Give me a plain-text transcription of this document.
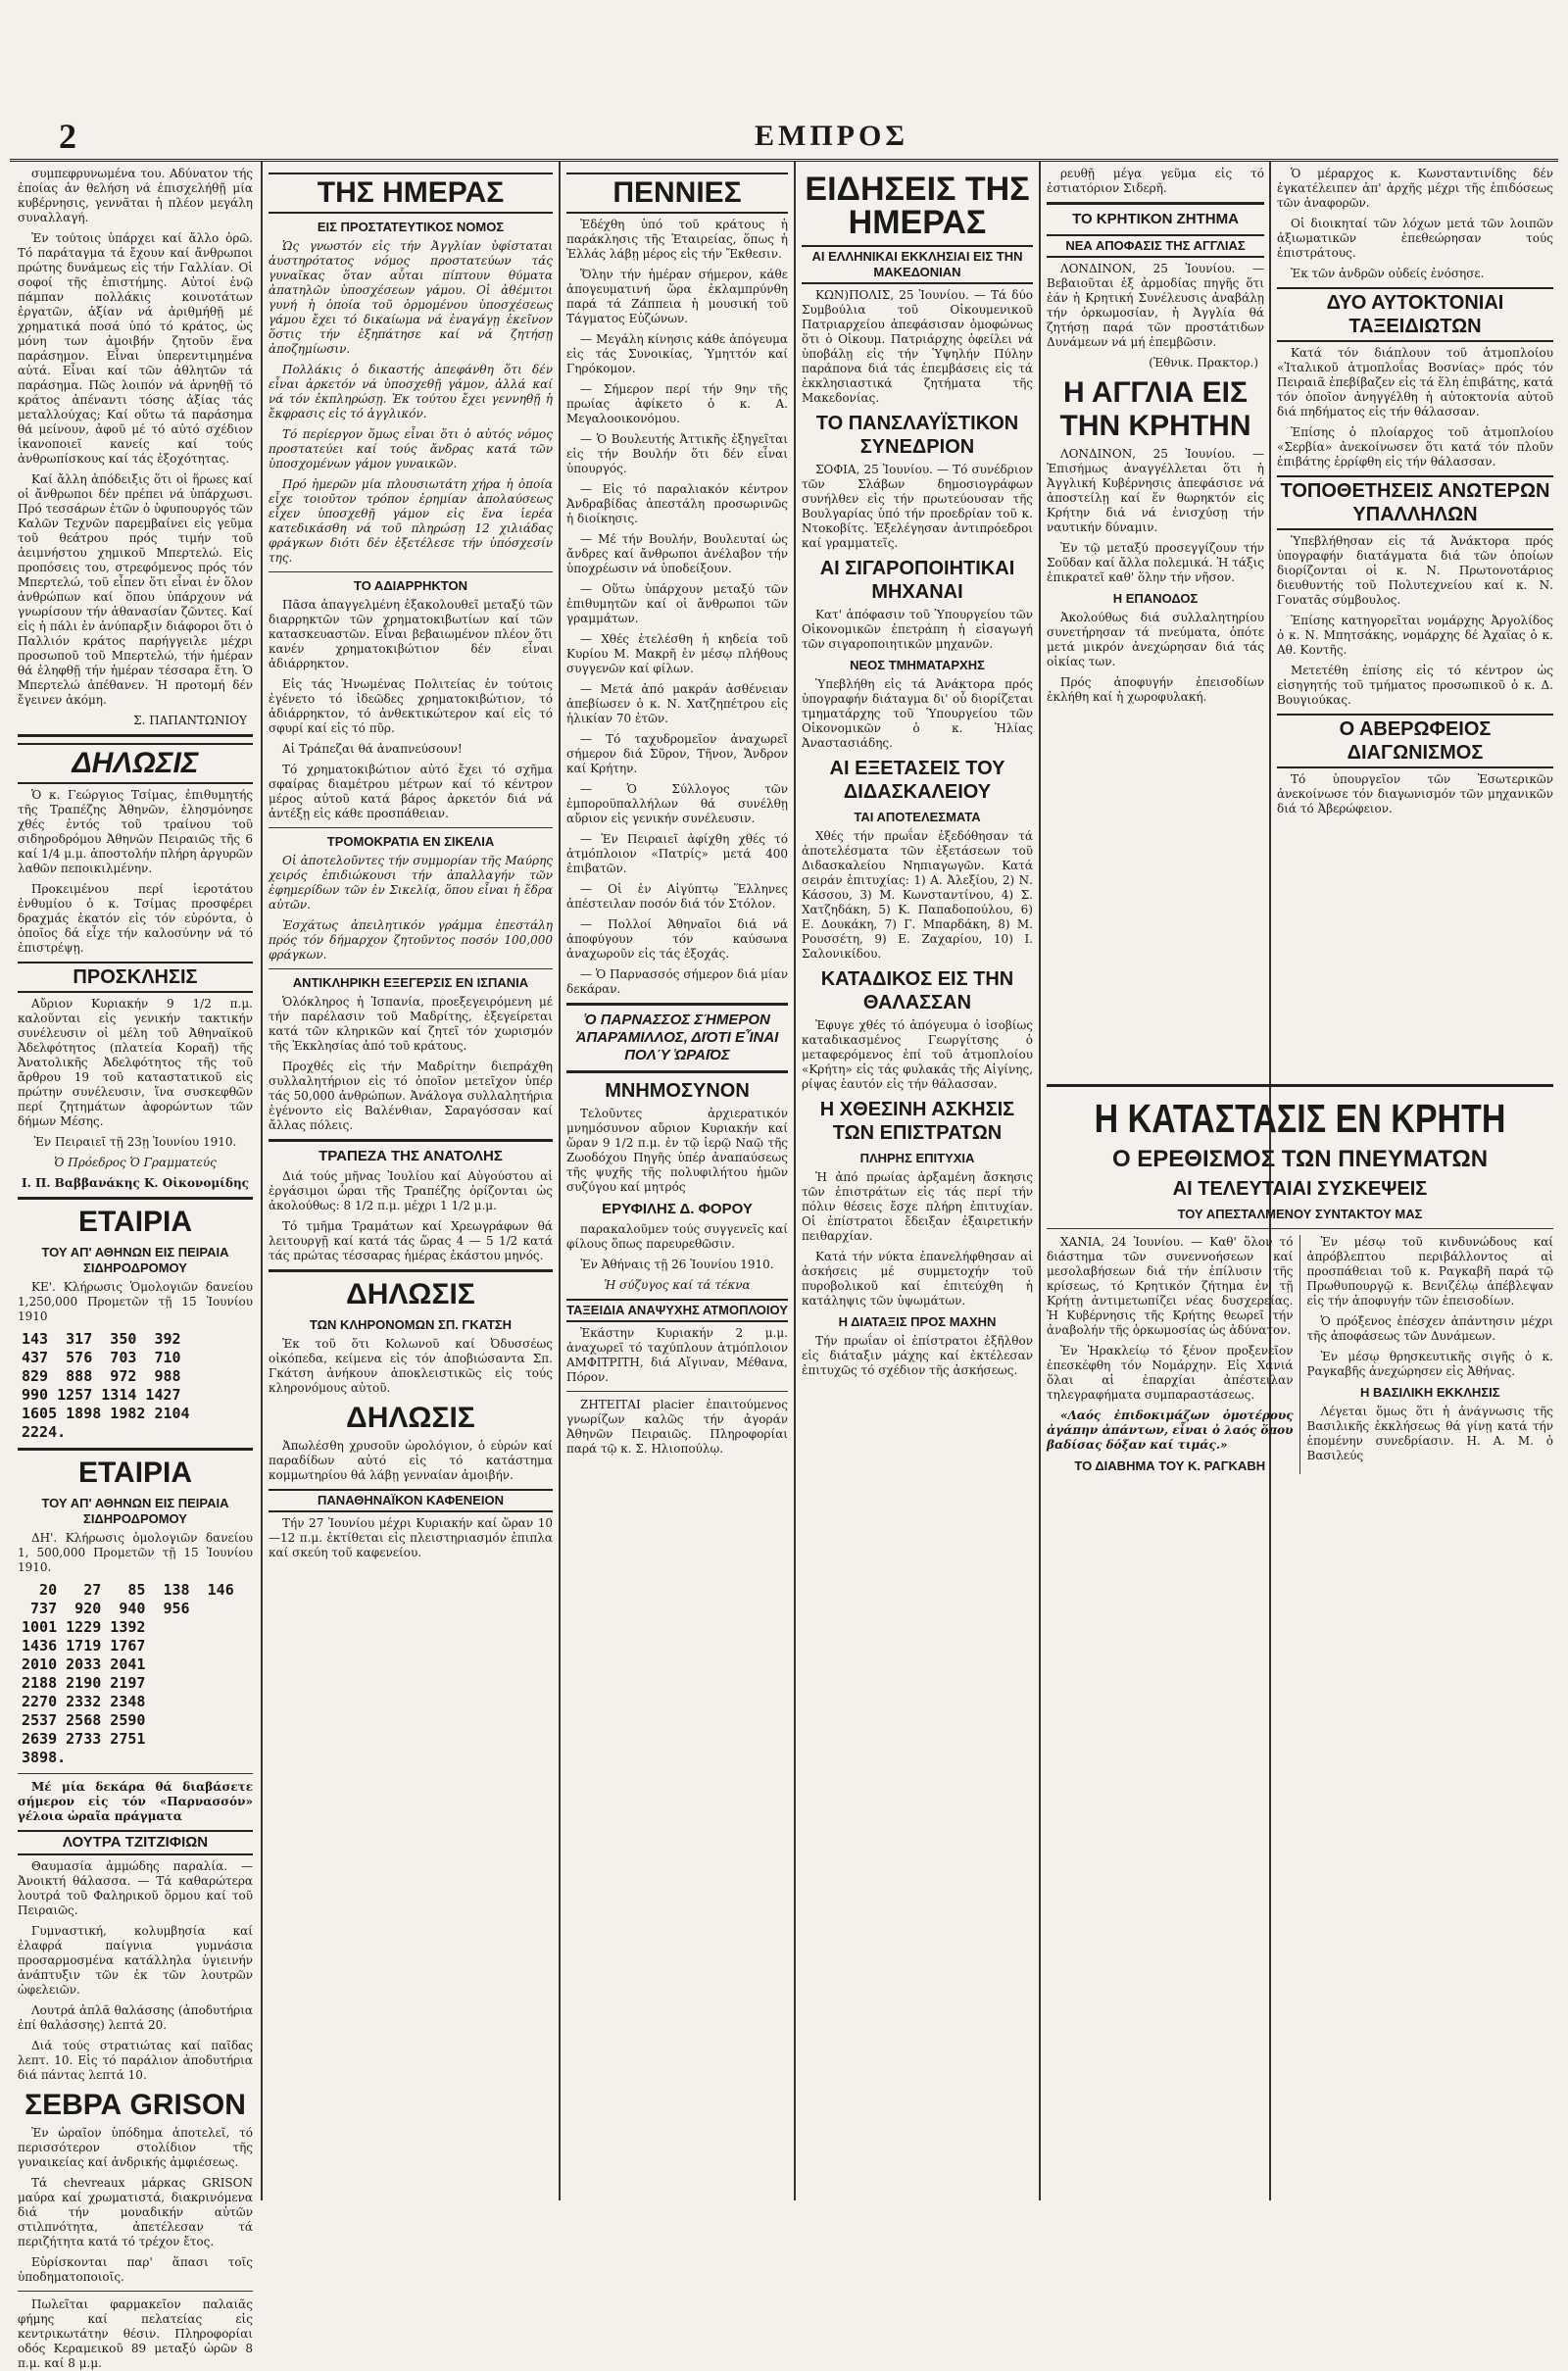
2	ΕΜΠΡΟΣ

συμπεφρυνωμένα του. Αδύνατον τής ἐποίας ἀν θελήση νά ἐπισχελήθῇ μία κυβέρνησις, γεννᾶται ἡ πλέον μεγάλη συναλλαγή.

Ἐν τούτοις ὑπάρχει καί ἄλλο ὁρῶ. Τό παράταγμα τά ἔχουν καί ἄνθρωποι πρώτης δυνάμεως εἰς τήν Γαλλίαν. Οἱ σοφοί τῆς ἐπιστήμης. Αὐτοί ἐνῷ πάμπαν πολλάκις κοινοτάτων ἐργατῶν, ἀξίαν νά ἀριθμήθῇ μέ χρηματικά ποσά ὑπό τό κράτος, ὡς μόνη των ἀμοιβήν ζητοῦν ἕνα παράσημον. Εἶναι ὑπερεντιμημένα αὐτά. Εἶναι καί τῶν ἀθλητῶν τά παράσημα. Πῶς λοιπόν νά ἀρνηθῇ τό κράτος ἀπέναντι τόσης ἀξίας τάς μεταλλούχας; Καί οὕτω τά παράσημα θά μείνουν, ἀφοῦ μέ τό αὐτό σχέδιον ἱκανοποιεῖ κανείς καί τούς ἀνθρωπίσκους καί τάς ἐξοχότητας.

Καί ἄλλη ἀπόδειξις ὅτι οἱ ἥρωες καί οἱ ἄνθρωποι δέν πρέπει νά ὑπάρχωσι. Πρό τεσσάρων ἐτῶν ὁ ὑφυπουργός τῶν Καλῶν Τεχνῶν παρεμβαίνει εἰς γεῦμα τοῦ θεάτρου πρός τιμήν τοῦ ἀειμνήστου χημικοῦ Μπερτελώ. Εἰς προπόσεις του, στρεφόμενος πρός τόν Μπερτελώ, τοῦ εἶπεν ὅτι εἶναι ἐν ὅλον ἀνθρώπων καί ὅπου ὑπάρχουν νά γνωρίσουν τήν ἀθανασίαν ζῶντες. Καί εἰς ἡ πάλι ἐν ἀνύπαρξιν διάφοροι ὅτι ὁ Παλλιόν κράτος παρήγγειλε μέχρι προσωποῦ τοῦ Μπερτελώ, τήν ἡμέραν θά ἐληφθῇ τήν ἡμέραν τέσσαρα ἔτη. Ὁ Μπερτελώ ἀπέθανεν. Ἡ προτομή δέν ἔγεινεν ἀκόμη.

Σ. ΠΑΠΑΝΤΩΝΙΟΥ
ΔΗΛΩΣΙΣ

Ὁ κ. Γεώργιος Τσίμας, ἐπιθυμητής τῆς Τραπέζης Ἀθηνῶν, ἐλησμόνησε χθές ἐντός τοῦ τραίνου τοῦ σιδηροδρόμου Ἀθηνῶν Πειραιῶς τῆς 6 καί 1/4 μ.μ. ἀποστολήν πλήρη ἀργυρῶν λαθῶν πεποικιλμένην.

Προκειμένου περί ἱεροτάτου ἐνθυμίου ὁ κ. Τσίμας προσφέρει δραχμάς ἑκατόν εἰς τόν εὑρόντα, ὁ ὁποῖος δά εἶχε τήν καλοσύνην νά τό ἐπιστρέψῃ.

ΠΡΟΣΚΛΗΣΙΣ

Αὔριον Κυριακήν 9 1/2 π.μ. καλοῦνται εἰς γενικήν τακτικήν συνέλευσιν οἱ μέλη τοῦ Ἀθηναϊκοῦ Ἀδελφότητος (πλατεία Κοραῆ) τῆς Ἀνατολικῆς Ἀδελφότητος τῆς τοῦ ἄρθρου 19 τοῦ καταστατικοῦ εἰς πρώτην συνέλευσιν, ἵνα συσκεφθῶν περί ζητημάτων ἀφορώντων τῶν δήμων Μέσης.

Ἐν Πειραιεῖ τῇ 23ῃ Ἰουνίου 1910.
Ὁ Πρόεδρος Ὁ Γραμματεύς
Ι. Π. Βαββανάκης Κ. Οἰκονομίδης
ΕΤΑΙΡΙΑ
ΤΟΥ ΑΠ' ΑΘΗΝΩΝ ΕΙΣ ΠΕΙΡΑΙΑ ΣΙΔΗΡΟΔΡΟΜΟΥ

ΚΕ'. Κλήρωσις Ὁμολογιῶν δανείου 1,250,000 Προμετῶν τῇ 15 Ἰουνίου 1910

143  317  350  392
437  576  703  710
829  888  972  988
990 1257 1314 1427
1605 1898 1982 2104
2224.
ΕΤΑΙΡΙΑ
ΤΟΥ ΑΠ' ΑΘΗΝΩΝ ΕΙΣ ΠΕΙΡΑΙΑ ΣΙΔΗΡΟΔΡΟΜΟΥ

ΔΗ'. Κλήρωσις ὁμολογιῶν δανείου 1, 500,000 Προμετῶν τῇ 15 Ἰουνίου 1910.

20   27   85  138  146
737  920  940  956
1001 1229 1392
1436 1719 1767
2010 2033 2041
2188 2190 2197
2270 2332 2348
2537 2568 2590
2639 2733 2751
3898.

Μέ μία δεκάρα θά διαβάσετε σήμερον εἰς τόν «Παρνασσόν» γέλοια ὡραῖα πράγματα

ΛΟΥΤΡΑ ΤΖΙΤΖΙΦΙΩΝ

Θαυμασία ἀμμώδης παραλία. — Ἀνοικτή θάλασσα. — Τά καθαρώτερα λουτρά τοῦ Φαληρικοῦ ὅρμου καί τοῦ Πειραιῶς.

Γυμναστική, κολυμβησία καί ἐλαφρά παίγνια γυμνάσια προσαρμοσμένα κατάλληλα ὑγιεινήν ἀνάπτυξιν τῶν ἐκ τῶν λουτρῶν ὠφελειῶν.

Λουτρά ἁπλᾶ θαλάσσης (ἀποδυτήρια ἐπί θαλάσσης) λεπτά 20.

Διά τούς στρατιώτας καί παῖδας λεπτ. 10. Εἰς τό παράλιον ἀποδυτήρια διά πάντας λεπτά 10.

ΣΕΒΡΑ GRISON

Ἐν ὡραῖον ὑπόδημα ἀποτελεῖ, τό περισσότερον στολίδιον τῆς γυναικείας καί ἀνδρικής ἀμφιέσεως.

Τά chevreaux μάρκας GRISON μαύρα καί χρωματιστά, διακρινόμενα διά τήν μοναδικήν αὐτῶν στιλπνότητα, ἀπετέλεσαν τά περιζήτητα κατά τό τρέχον ἔτος.

Εὑρίσκονται παρ' ἅπασι τοῖς ὑποδηματοποιοῖς.

Πωλεῖται φαρμακεῖον παλαιᾶς φήμης καί πελατείας εἰς κεντρικωτάτην θέσιν. Πληροφορίαι οδός Κεραμεικοῦ 89 μεταξύ ὡρῶν 8 π.μ. καί 8 μ.μ.

ΤΗΣ ΗΜΕΡΑΣ
ΕΙΣ ΠΡΟΣΤΑΤΕΥΤΙΚΟΣ ΝΟΜΟΣ

Ὡς γνωστόν εἰς τήν Ἀγγλίαν ὑφίσταται ἀυστηρότατος νόμος προστατεύων τάς γυναῖκας ὅταν αὗται πίπτουν θύματα ἀπατηλῶν ὑποσχέσεων γάμου. Οἱ ἀθέμιτοι γυνή ἡ ὁποία τοῦ ὁρμομένου ὑποσχέσεως γάμου ἔχει τό δικαίωμα νά ἐναγάγῃ ἐκεῖνον ὅστις τήν ἐξηπάτησε καί νά ζητήσῃ ἀποζημίωσιν.

Πολλάκις ὁ δικαστής ἀπεφάνθη ὅτι δέν εἶναι ἀρκετόν νά ὑποσχεθῇ γάμον, ἀλλά καί νά τόν ἐκπληρώσῃ. Ἐκ τούτου ἔχει γεννηθῇ ἡ ἔκφρασις εἰς τό ἀγγλικόν.

Τό περίεργον ὅμως εἶναι ὅτι ὁ αὐτός νόμος προστατεύει καί τούς ἄνδρας κατά τῶν ὑποσχομένων γάμον γυναικῶν.

Πρό ἡμερῶν μία πλουσιωτάτη χήρα ἡ ὁποία εἶχε τοιοῦτον τρόπον ἐρημίαν ἀπολαύσεως εἶχεν ὑποσχεθῇ γάμον εἰς ἕνα ἱερέα κατεδικάσθη νά τοῦ πληρώσῃ 12 χιλιάδας φράγκων διότι δέν ἐξετέλεσε τήν ὑπόσχεσίν της.

ΤΟ ΑΔΙΑΡΡΗΚΤΟΝ

Πᾶσα ἀπαγγελμένη ἐξακολουθεῖ μεταξύ τῶν διαρρηκτῶν τῶν χρηματοκιβωτίων καί τῶν κατασκευαστῶν. Εἶναι βεβαιωμένον πλέον ὅτι κανέν χρηματοκιβώτιον δέν εἶναι ἀδιάρρηκτον.

Εἰς τάς Ἡνωμένας Πολιτείας ἐν τούτοις ἐγένετο τό ἰδεῶδες χρηματοκιβώτιον, τό ἀδιάρρηκτον, τό ἀνθεκτικώτερον καί εἰς τό σφυρί καί εἰς τό πῦρ.

Αἱ Τράπεζαι θά ἀναπνεύσουν!

Τό χρηματοκιβώτιον αὐτό ἔχει τό σχῆμα σφαίρας διαμέτρου μέτρων καί τό κέντρον μέρος αὐτοῦ κατά βάρος ἀρκετόν διά νά ἀντέξῃ εἰς κάθε προσπάθειαν.

ΤΡΟΜΟΚΡΑΤΙΑ ΕΝ ΣΙΚΕΛΙΑ

Οἱ ἀποτελοῦντες τήν συμμορίαν τῆς Μαύρης χειρός ἐπιδιώκουσι τήν ἀπαλλαγήν τῶν ἐφημερίδων τῶν ἐν Σικελίᾳ, ὅπου εἶναι ἡ ἔδρα αὐτῶν.

Ἐσχάτως ἀπειλητικόν γράμμα ἐπεστάλη πρός τόν δήμαρχον ζητοῦντος ποσόν 100,000 φράγκων.

ΑΝΤΙΚΛΗΡΙΚΗ ΕΞΕΓΕΡΣΙΣ ΕΝ ΙΣΠΑΝΙΑ

Ὁλόκληρος ἡ Ἱσπανία, προεξεγειρόμενη μέ τήν παρέλασιν τοῦ Μαδρίτης, ἐξεγείρεται κατά τῶν κληρικῶν καί ζητεῖ τόν χωρισμόν τῆς Ἐκκλησίας ἀπό τοῦ κράτους.

Προχθές εἰς τήν Μαδρίτην διεπράχθη συλλαλητήριον εἰς τό ὁποῖον μετεῖχον ὑπέρ τάς 50,000 ἀνθρώπων. Ἀνάλογα συλλαλητήρια ἐγένοντο εἰς Βαλένθιαν, Σαραγόσσαν καί ἄλλας πόλεις.

ΤΡΑΠΕΖΑ ΤΗΣ ΑΝΑΤΟΛΗΣ

Διά τούς μῆνας Ἰουλίου καί Αὐγούστου αἱ ἐργάσιμοι ὧραι τῆς Τραπέζης ὁρίζονται ὡς ἀκολούθως: 8 1/2 π.μ. μέχρι 1 1/2 μ.μ.

Τό τμῆμα Τραμάτων καί Χρεωγράφων θά λειτουργῇ καί κατά τάς ὥρας 4 — 5 1/2 κατά τάς πρώτας τέσσαρας ἡμέρας ἑκάστου μηνός.

ΔΗΛΩΣΙΣ
ΤΩΝ ΚΛΗΡΟΝΟΜΩΝ ΣΠ. ΓΚΑΤΣΗ

Ἐκ τοῦ ὅτι Κολωνοῦ καί Ὀδυσσέως οἰκόπεδα, κείμενα εἰς τόν ἀποβιώσαντα Σπ. Γκάτση ἀνήκουν ἀποκλειστικῶς εἰς τούς κληρονόμους αὐτοῦ.

ΔΗΛΩΣΙΣ

Ἀπωλέσθη χρυσοῦν ὡρολόγιον, ὁ εὑρών καί παραδίδων αὐτό εἰς τό κατάστημα κομμωτηρίου θά λάβῃ γενναίαν ἀμοιβήν.

ΠΑΝΑΘΗΝΑΪΚΟΝ ΚΑΦΕΝΕΙΟΝ

Τήν 27 Ἰουνίου μέχρι Κυριακήν καί ὥραν 10—12 π.μ. ἐκτίθεται εἰς πλειστηριασμόν ἐπιπλα καί σκεύη τοῦ καφενείου.

ΠΕΝΝΙΕΣ

Ἐδέχθη ὑπό τοῦ κράτους ἡ παράκλησις τῆς Ἑταιρείας, ὅπως ἡ Ἑλλάς λάβῃ μέρος εἰς τήν Ἔκθεσιν.

Ὅλην τήν ἡμέραν σήμερον, κάθε ἀπογευματινή ὥρα ἐκλαμπρύνθη παρά τά Ζάππεια ἡ μουσική τοῦ Τάγματος Εὐζώνων.

— Μεγάλη κίνησις κάθε ἀπόγευμα εἰς τάς Συνοικίας, Ὑμηττόν καί Γηρόκομον.

— Σήμερον περί τήν 9ην τῆς πρωίας ἀφίκετο ὁ κ. Α. Μεγαλοοικονόμου.

— Ὁ Βουλευτής Ἀττικῆς ἐξηγεῖται εἰς τήν Βουλήν ὅτι δέν εἶναι ὑπουργός.

— Εἰς τό παραλιακόν κέντρον Ἀνδραβίδας ἀπεστάλη προσωρινῶς ἡ διοίκησις.

— Μέ τήν Βουλήν, Βουλευταί ὡς ἄνδρες καί ἄνθρωποι ἀνέλαβον τήν ὑποχρέωσιν νά ὑποδείξουν.

— Οὕτω ὑπάρχουν μεταξύ τῶν ἐπιθυμητῶν καί οἱ ἄνθρωποι τῶν γραμμάτων.

— Χθές ἐτελέσθη ἡ κηδεία τοῦ Κυρίου Μ. Μακρῆ ἐν μέσῳ πλήθους συγγενῶν καί φίλων.

— Μετά ἀπό μακράν ἀσθένειαν ἀπεβίωσεν ὁ κ. Ν. Χατζηπέτρου εἰς ἡλικίαν 70 ἐτῶν.

— Τό ταχυδρομεῖον ἀναχωρεῖ σήμερον διά Σῦρον, Τῆνον, Ἄνδρον καί Κρήτην.

— Ὁ Σύλλογος τῶν ἐμποροϋπαλλήλων θά συνέλθῃ αὔριον εἰς γενικήν συνέλευσιν.

— Ἐν Πειραιεῖ ἀφίχθη χθές τό ἀτμόπλοιον «Πατρίς» μετά 400 ἐπιβατῶν.

— Οἱ ἐν Αἰγύπτῳ Ἕλληνες ἀπέστειλαν ποσόν διά τόν Στόλον.

— Πολλοί Ἀθηναῖοι διά νά ἀποφύγουν τόν καύσωνα ἀναχωροῦν εἰς τάς ἐξοχάς.

— Ὁ Παρνασσός σήμερον διά μίαν δεκάραν.

Ὁ ΠΑΡΝΑΣΣΟΣ ΣΉΜΕΡΟΝ ἈΠΑΡΆΜΙΛΛΟΣ, ΔΙΌΤΙ ΕἾΝΑΙ ΠΟΛΎ ὩΡΑΙ͂ΟΣ
ΜΝΗΜΟΣΥΝΟΝ

Τελοῦντες ἀρχιερατικόν μνημόσυνον αὔριον Κυριακήν καί ὥραν 9 1/2 π.μ. ἐν τῷ ἱερῷ Ναῷ τῆς Ζωοδόχου Πηγῆς ὑπέρ ἀναπαύσεως τῆς ψυχῆς τῆς πολυφιλήτου ἡμῶν συζύγου καί μητρός

ΕΡΥΦΙΛΗΣ Δ. ΦΟΡΟΥ

παρακαλοῦμεν τούς συγγενεῖς καί φίλους ὅπως παρευρεθῶσιν.

Ἐν Ἀθήναις τῇ 26 Ἰουνίου 1910.
Ἡ σύζυγος καί τά τέκνα
ΤΑΞΕΙΔΙΑ ΑΝΑΨΥΧΗΣ ΑΤΜΟΠΛΟΙΟΥ

Ἐκάστην Κυριακήν 2 μ.μ. ἀναχωρεῖ τό ταχύπλουν ἀτμόπλοιον ΑΜΦΙΤΡΙΤΗ, διά Αἴγιναν, Μέθανα, Πόρον.

ΖΗΤΕΙΤΑΙ placier ἐπαιτούμενος γνωρίζων καλῶς τήν ἀγοράν Ἀθηνῶν Πειραιῶς. Πληροφορίαι παρά τῷ κ. Σ. Ηλιοπούλῳ.

ΕΙΔΗΣΕΙΣ ΤΗΣ ΗΜΕΡΑΣ
ΑΙ ΕΛΛΗΝΙΚΑΙ ΕΚΚΛΗΣΙΑΙ ΕΙΣ ΤΗΝ ΜΑΚΕΔΟΝΙΑΝ

ΚΩΝ)ΠΟΛΙΣ, 25 Ἰουνίου. — Τά δύο Συμβούλια τοῦ Οἰκουμενικοῦ Πατριαρχείου ἀπεφάσισαν ὁμοφώνως ὅτι ὁ Οἰκουμ. Πατριάρχης ὀφείλει νά ὑποβάλῃ εἰς τήν Ὑψηλήν Πύλην παράπονα διά τάς ἐπεμβάσεις εἰς τά ἐκκλησιαστικά ζητήματα τῆς Μακεδονίας.

ΤΟ ΠΑΝΣΛΑΥΪΣΤΙΚΟΝ ΣΥΝΕΔΡΙΟΝ

ΣΟΦΙΑ, 25 Ἰουνίου. — Τό συνέδριον τῶν Σλάβων δημοσιογράφων συνήλθεν εἰς τήν πρωτεύουσαν τῆς Βουλγαρίας ὑπό τήν προεδρίαν τοῦ κ. Ντοκοβίτς. Ἐξελέγησαν ἀντιπρόεδροι καί γραμματεῖς.

ΑΙ ΣΙΓΑΡΟΠΟΙΗΤΙΚΑΙ ΜΗΧΑΝΑΙ

Κατ' ἀπόφασιν τοῦ Ὑπουργείου τῶν Οἰκονομικῶν ἐπετράπη ἡ εἰσαγωγή τῶν σιγαροποιητικῶν μηχανῶν.

ΝΕΟΣ ΤΜΗΜΑΤΑΡΧΗΣ

Ὑπεβλήθη εἰς τά Ἀνάκτορα πρός ὑπογραφήν διάταγμα δι' οὗ διορίζεται τμηματάρχης τοῦ Ὑπουργείου τῶν Οἰκονομικῶν ὁ κ. Ἠλίας Ἀναστασιάδης.

ΑΙ ΕΞΕΤΑΣΕΙΣ ΤΟΥ ΔΙΔΑΣΚΑΛΕΙΟΥ
ΤΑΙ ΑΠΟΤΕΛΕΣΜΑΤΑ

Χθές τήν πρωΐαν ἐξεδόθησαν τά ἀποτελέσματα τῶν ἐξετάσεων τοῦ Διδασκαλείου Νηπιαγωγῶν. Κατά σειράν ἐπιτυχίας: 1) Α. Ἀλεξίου, 2) Ν. Κάσσου, 3) Μ. Κωνσταντίνου, 4) Σ. Χατζηδάκη, 5) Κ. Παπαδοπούλου, 6) Ε. Δουκάκη, 7) Γ. Μπαρδάκη, 8) Μ. Ρουσσέτη, 9) Ε. Ζαχαρίου, 10) Ι. Σαλονικίδου.

ΚΑΤΑΔΙΚΟΣ ΕΙΣ ΤΗΝ ΘΑΛΑΣΣΑΝ

Ἐφυγε χθές τό ἀπόγευμα ὁ ἰσοβίως καταδικασμένος Γεωργίτσης ὁ μεταφερόμενος ἐπί τοῦ ἀτμοπλοίου «Κρήτη» εἰς τάς φυλακάς τῆς Αἰγίνης, ρίψας ἑαυτόν εἰς τήν θάλασσαν.

Η ΧΘΕΣΙΝΗ ΑΣΚΗΣΙΣ ΤΩΝ ΕΠΙΣΤΡΑΤΩΝ
ΠΛΗΡΗΣ ΕΠΙΤΥΧΙΑ

Ἡ ἀπό πρωίας ἀρξαμένη ἄσκησις τῶν ἐπιστράτων εἰς τάς περί τήν πόλιν θέσεις ἔσχε πλήρη ἐπιτυχίαν. Οἱ ἐπίστρατοι ἔδειξαν ἐξαιρετικήν πειθαρχίαν.

Κατά τήν νύκτα ἐπανελήφθησαν αἱ ἀσκήσεις μέ συμμετοχήν τοῦ πυροβολικοῦ καί ἐπιτεύχθη ἡ κατάληψις τῶν ὑψωμάτων.

Η ΔΙΑΤΑΞΙΣ ΠΡΟΣ ΜΑΧΗΝ

Τήν πρωΐαν οἱ ἐπίστρατοι ἐξῆλθον εἰς διάταξιν μάχης καί ἐκτέλεσαν ἐπιτυχῶς τό σχέδιον τῆς ἀσκήσεως.

ρευθῇ μέγα γεῦμα εἰς τό ἐστιατόριον Σιδερῆ.

ΤΟ ΚΡΗΤΙΚΟΝ ΖΗΤΗΜΑ
ΝΕΑ ΑΠΟΦΑΣΙΣ ΤΗΣ ΑΓΓΛΙΑΣ

ΛΟΝΔΙΝΟΝ, 25 Ἰουνίου. — Βεβαιοῦται ἐξ ἀρμοδίας πηγῆς ὅτι ἐάν ἡ Κρητική Συνέλευσις ἀναβάλῃ τήν ὁρκωμοσίαν, ἡ Ἀγγλία θά ζητήσῃ παρά τῶν προστάτιδων Δυνάμεων νά μή ἐπεμβῶσιν.

(Ἐθνικ. Πρακτορ.)
Η ΑΓΓΛΙΑ ΕΙΣ ΤΗΝ ΚΡΗΤΗΝ

ΛΟΝΔΙΝΟΝ, 25 Ἰουνίου. — Ἐπισήμως ἀναγγέλλεται ὅτι ἡ Ἀγγλική Κυβέρνησις ἀπεφάσισε νά ἀποστείλῃ καί ἕν θωρηκτόν εἰς Κρήτην διά νά ἐνισχύσῃ τήν ναυτικήν δύναμιν.

Ἐν τῷ μεταξύ προσεγγίζουν τήν Σοῦδαν καί ἄλλα πολεμικά. Ἡ τάξις ἐπικρατεῖ καθ' ὅλην τήν νῆσον.

Η ΕΠΑΝΟΔΟΣ

Ἀκολούθως διά συλλαλητηρίου συνετήρησαν τά πνεύματα, ὁπότε μετά μικρόν ἀνεχώρησαν διά τάς οἰκίας των.

Πρός ἀποφυγήν ἐπεισοδίων ἐκλήθη καί ἡ χωροφυλακή.

Ὁ μέραρχος κ. Κωνσταντινίδης δέν ἐγκατέλειπεν ἀπ' ἀρχῆς μέχρι τῆς ἐπιδόσεως τῶν ἀναφορῶν.

Οἱ διοικηταί τῶν λόχων μετά τῶν λοιπῶν ἀξιωματικῶν ἐπεθεώρησαν τούς ἐπιστράτους.

Ἐκ τῶν ἀνδρῶν οὐδείς ἐνόσησε.

ΔΥΟ ΑΥΤΟΚΤΟΝΙΑΙ ΤΑΞΕΙΔΙΩΤΩΝ

Κατά τόν διάπλουν τοῦ ἀτμοπλοίου «Ἰταλικοῦ ἀτμοπλοΐας Βοσνίας» πρός τόν Πειραιᾶ ἐπεβίβαζεν εἰς τά ἕλη ἐπιβάτης, κατά τόν ὁποῖον ἀνηγγέλθη ἡ αὐτοκτονία αὐτοῦ διά πηδήματος εἰς τήν θάλασσαν.

Ἐπίσης ὁ πλοίαρχος τοῦ ἀτμοπλοίου «Σερβία» ἀνεκοίνωσεν ὅτι κατά τόν πλοῦν ἐπιβάτης ἐρρίφθη εἰς τήν θάλασσαν.

ΤΟΠΟΘΕΤΗΣΕΙΣ ΑΝΩΤΕΡΩΝ ΥΠΑΛΛΗΛΩΝ

Ὑπεβλήθησαν εἰς τά Ἀνάκτορα πρός ὑπογραφήν διατάγματα διά τῶν ὁποίων διορίζονται οἱ κ. Ν. Πρωτονοτάριος διευθυντής τοῦ Πολυτεχνείου καί κ. Ν. Γονατᾶς σύμβουλος.

Ἐπίσης κατηγορεῖται νομάρχης Ἀργολίδος ὁ κ. Ν. Μπητσάκης, νομάρχης δέ Ἀχαΐας ὁ κ. Αθ. Κοντῆς.

Μετετέθη ἐπίσης εἰς τό κέντρον ὡς εἰσηγητής τοῦ τμήματος προσωπικοῦ ὁ κ. Δ. Βουγιούκας.

Ο ΑΒΕΡΩΦΕΙΟΣ ΔΙΑΓΩΝΙΣΜΟΣ

Τό ὑπουργεῖον τῶν Ἐσωτερικῶν ἀνεκοίνωσε τόν διαγωνισμόν τῶν μηχανικῶν διά τό Ἀβερώφειον.

Η ΚΑΤΑΣΤΑΣΙΣ ΕΝ ΚΡΗΤΗ
Ο ΕΡΕΘΙΣΜΟΣ ΤΩΝ ΠΝΕΥΜΑΤΩΝ
ΑΙ ΤΕΛΕΥΤΑΙΑΙ ΣΥΣΚΕΨΕΙΣ
ΤΟΥ ΑΠΕΣΤΑΛΜΕΝΟΥ ΣΥΝΤΑΚΤΟΥ ΜΑΣ

ΧΑΝΙΑ, 24 Ἰουνίου. — Καθ' ὅλον τό διάστημα τῶν συνεννοήσεων καί μεσολαβήσεων διά τήν ἐπίλυσιν τῆς κρίσεως, τό Κρητικόν ζήτημα ἐν τῇ Κρήτῃ ἀντιμετωπίζει νέας δυσχερείας. Ἡ Κυβέρνησις τῆς Κρήτης θεωρεῖ τήν ἀναβολήν τῆς ὁρκωμοσίας ὡς ἀδύνατον.

Ἐν Ἡρακλείῳ τό ξένον προξενεῖον ἐπεσκέφθη τόν Νομάρχην. Εἰς Χανιά ὅλαι αἱ ἐπαρχίαι ἀπέστειλαν τηλεγραφήματα συμπαραστάσεως.

«Λαός ἐπιδοκιμάζων ὁμοτέρους ἀγάπην ἀπάντων, εἶναι ὁ λαός ὅπου βαδίσας δόξαν καί τιμάς.»

ΤΟ ΔΙΑΒΗΜΑ ΤΟΥ Κ. ΡΑΓΚΑΒΗ

Ἐν μέσῳ τοῦ κινδυνώδους καί ἀπρόβλεπτου περιβάλλοντος αἱ προσπάθειαι τοῦ κ. Ραγκαβῆ παρά τῷ Πρωθυπουργῷ κ. Βενιζέλῳ ἀπέβλεψαν εἰς τήν ἀποφυγήν τῶν ἐπεισοδίων.

Ὁ πρόξενος ἐπέσχεν ἀπάντησιν μέχρι τῆς ἀποφάσεως τῶν Δυνάμεων.

Ἐν μέσῳ θρησκευτικῆς σιγῆς ὁ κ. Ραγκαβῆς ἀνεχώρησεν εἰς Ἀθήνας.

Η ΒΑΣΙΛΙΚΗ ΕΚΚΛΗΣΙΣ

Λέγεται ὅμως ὅτι ἡ ἀνάγνωσις τῆς Βασιλικῆς ἐκκλήσεως θά γίνῃ κατά τήν ἑπομένην συνεδρίασιν. Η. Α. Μ. ὁ Βασιλεύς
